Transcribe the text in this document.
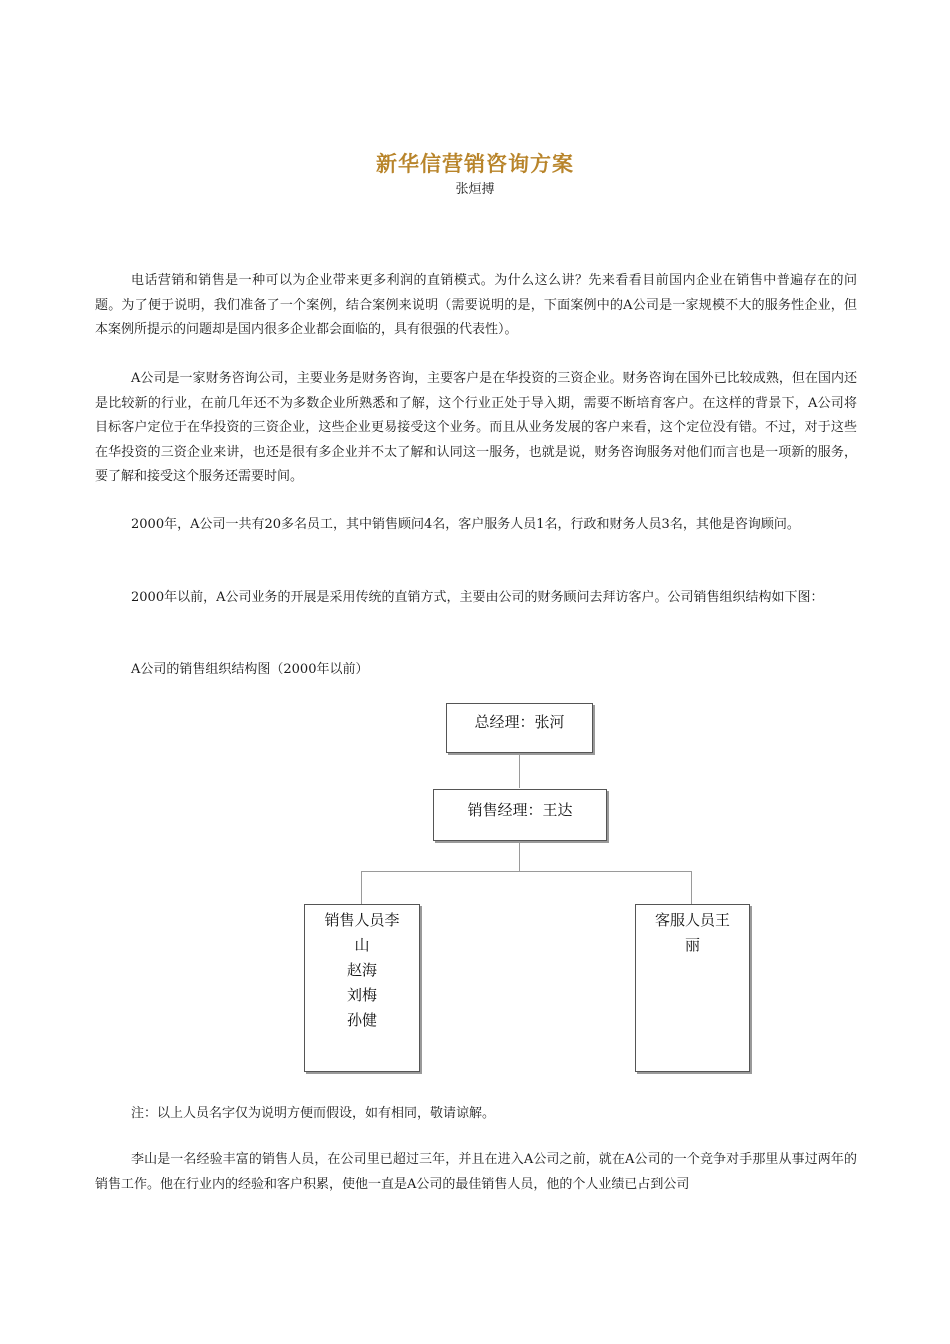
新华信营销咨询方案
张烜搏

电话营销和销售是一种可以为企业带来更多利润的直销模式。为什么这么讲？先来看看目前国内企业在销售中普遍存在的问题。为了便于说明，我们准备了一个案例，结合案例来说明（需要说明的是，下面案例中的A公司是一家规模不大的服务性企业，但本案例所提示的问题却是国内很多企业都会面临的，具有很强的代表性）。

A公司是一家财务咨询公司，主要业务是财务咨询，主要客户是在华投资的三资企业。财务咨询在国外已比较成熟，但在国内还是比较新的行业，在前几年还不为多数企业所熟悉和了解，这个行业正处于导入期，需要不断培育客户。在这样的背景下，A公司将目标客户定位于在华投资的三资企业，这些企业更易接受这个业务。而且从业务发展的客户来看，这个定位没有错。不过，对于这些在华投资的三资企业来讲，也还是很有多企业并不太了解和认同这一服务，也就是说，财务咨询服务对他们而言也是一项新的服务，要了解和接受这个服务还需要时间。

2000年，A公司一共有20多名员工，其中销售顾问4名，客户服务人员1名，行政和财务人员3名，其他是咨询顾问。

2000年以前，A公司业务的开展是采用传统的直销方式，主要由公司的财务顾问去拜访客户。公司销售组织结构如下图：

A公司的销售组织结构图（2000年以前）
总经理：张河
销售经理：王达
销售人员李
山
赵海
刘梅
孙健
客服人员王
丽
注：以上人员名字仅为说明方便而假设，如有相同，敬请谅解。

李山是一名经验丰富的销售人员，在公司里已超过三年，并且在进入A公司之前，就在A公司的一个竞争对手那里从事过两年的销售工作。他在行业内的经验和客户积累，使他一直是A公司的最佳销售人员，他的个人业绩已占到公司
